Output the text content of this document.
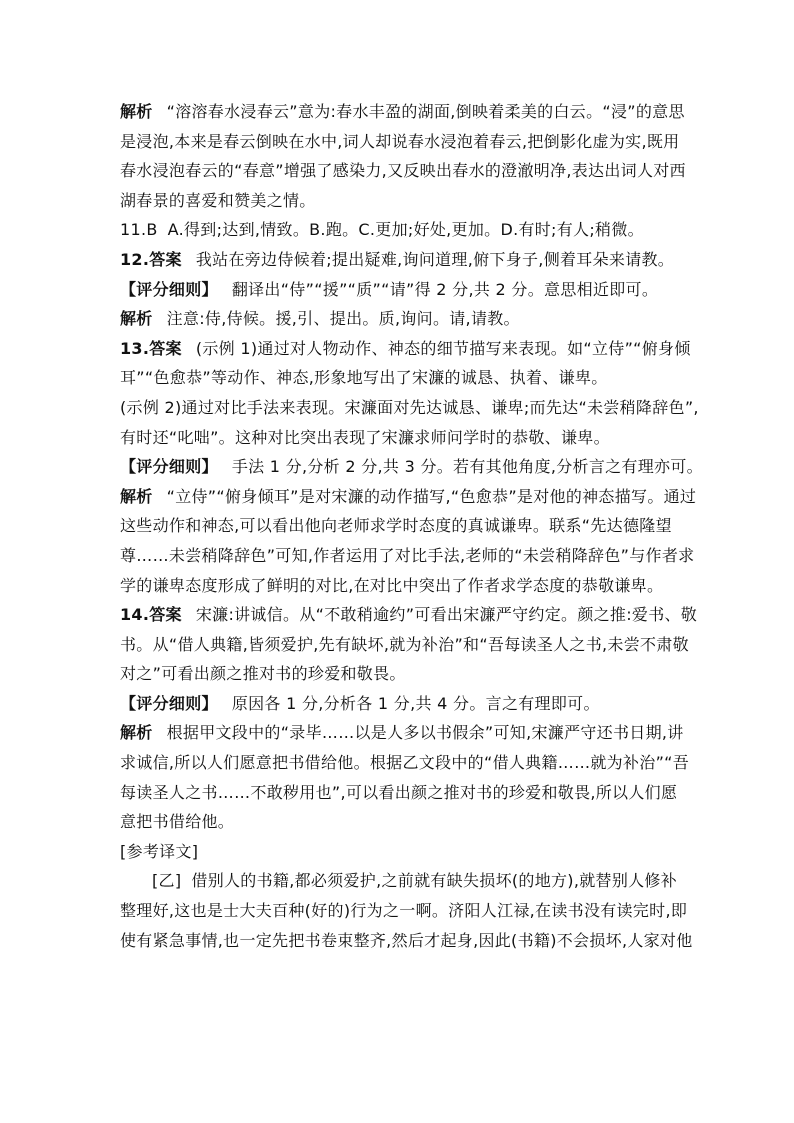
解析 “溶溶春水浸春云”意为:春水丰盈的湖面,倒映着柔美的白云。“浸”的意思
是浸泡,本来是春云倒映在水中,词人却说春水浸泡着春云,把倒影化虚为实,既用
春水浸泡春云的“春意”增强了感染力,又反映出春水的澄澈明净,表达出词人对西
湖春景的喜爱和赞美之情。
11.B A.得到;达到,情致。B.跑。C.更加;好处,更加。D.有时;有人;稍微。
12.答案 我站在旁边侍候着;提出疑难,询问道理,俯下身子,侧着耳朵来请教。
【评分细则】 翻译出“侍”“援”“质”“请”得 2 分,共 2 分。意思相近即可。
解析 注意:侍,侍候。援,引、提出。质,询问。请,请教。
13.答案 (示例 1)通过对人物动作、神态的细节描写来表现。如“立侍”“俯身倾
耳”“色愈恭”等动作、神态,形象地写出了宋濂的诚恳、执着、谦卑。
(示例 2)通过对比手法来表现。宋濂面对先达诚恳、谦卑;而先达“未尝稍降辞色”,
有时还“叱咄”。这种对比突出表现了宋濂求师问学时的恭敬、谦卑。
【评分细则】 手法 1 分,分析 2 分,共 3 分。若有其他角度,分析言之有理亦可。
解析 “立侍”“俯身倾耳”是对宋濂的动作描写,“色愈恭”是对他的神态描写。通过
这些动作和神态,可以看出他向老师求学时态度的真诚谦卑。联系“先达德隆望
尊……未尝稍降辞色”可知,作者运用了对比手法,老师的“未尝稍降辞色”与作者求
学的谦卑态度形成了鲜明的对比,在对比中突出了作者求学态度的恭敬谦卑。
14.答案 宋濂:讲诚信。从“不敢稍逾约”可看出宋濂严守约定。颜之推:爱书、敬
书。从“借人典籍,皆须爱护,先有缺坏,就为补治”和“吾每读圣人之书,未尝不肃敬
对之”可看出颜之推对书的珍爱和敬畏。
【评分细则】 原因各 1 分,分析各 1 分,共 4 分。言之有理即可。
解析 根据甲文段中的“录毕……以是人多以书假余”可知,宋濂严守还书日期,讲
求诚信,所以人们愿意把书借给他。根据乙文段中的“借人典籍……就为补治”“吾
每读圣人之书……不敢秽用也”,可以看出颜之推对书的珍爱和敬畏,所以人们愿
意把书借给他。
[参考译文]
[乙] 借别人的书籍,都必须爱护,之前就有缺失损坏(的地方),就替别人修补
整理好,这也是士大夫百种(好的)行为之一啊。济阳人江禄,在读书没有读完时,即
使有紧急事情,也一定先把书卷束整齐,然后才起身,因此(书籍)不会损坏,人家对他
